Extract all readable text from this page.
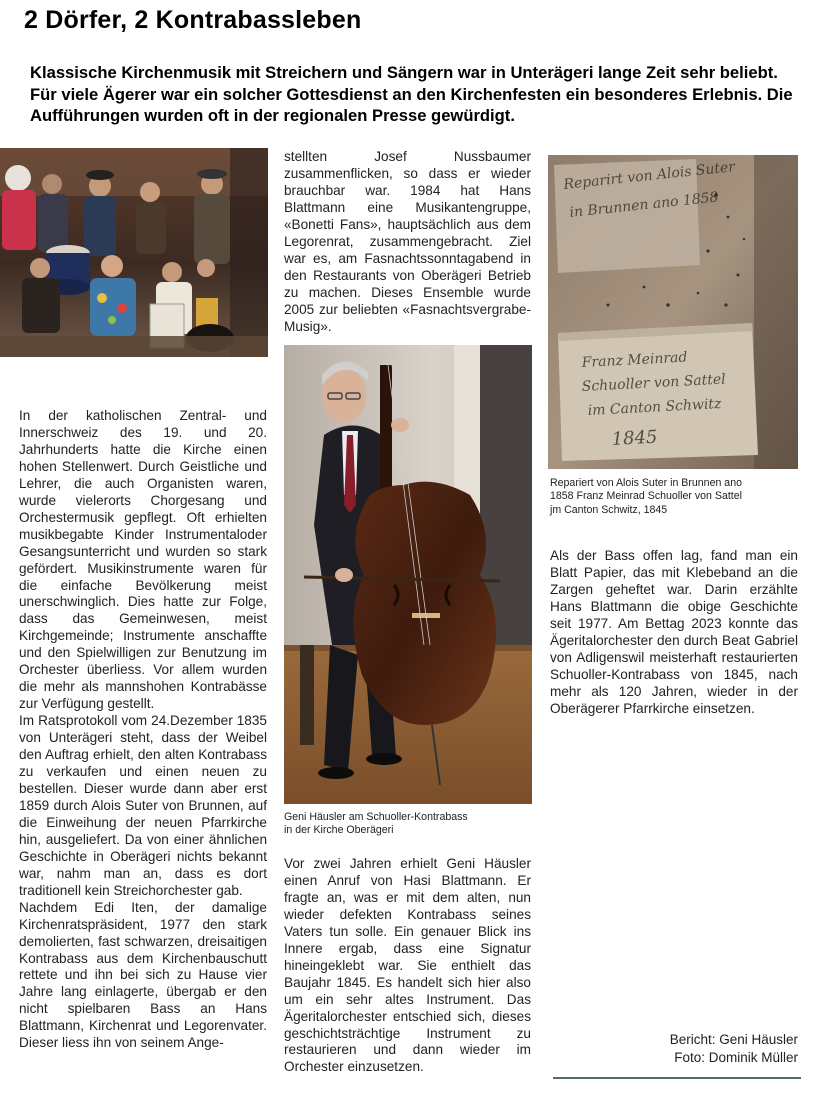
2 Dörfer, 2 Kontrabassleben
Klassische Kirchenmusik mit Streichern und Sängern war in Unterägeri lange Zeit sehr beliebt. Für viele Ägerer war ein solcher Gottesdienst an den Kirchenfesten ein besonderes Erlebnis. Die Aufführungen wurden oft in der regionalen Presse gewürdigt.
Reparirt von Alois Suter
in Brunnen ano 1858
Franz Meinrad
Schuoller von Sattel
im Canton Schwitz
1845

In der katholischen Zentral- und Innerschweiz des 19. und 20. Jahrhunderts hatte die Kirche einen hohen Stellenwert. Durch Geistliche und Lehrer, die auch Organisten waren, wurde vielerorts Chorgesang und Orchestermusik gepflegt. Oft erhielten musikbegabte Kinder Instrumentaloder Gesangsunterricht und wurden so stark gefördert. Musikinstrumente waren für die einfache Bevölkerung meist unerschwinglich. Dies hatte zur Folge, dass das Gemeinwesen, meist Kirchgemeinde; Instrumente anschaffte und den Spielwilligen zur Benutzung im Orchester überliess. Vor allem wurden die mehr als mannshohen Kontrabässe zur Verfügung gestellt.

Im Ratsprotokoll vom 24.Dezember 1835 von Unterägeri steht, dass der Weibel den Auftrag erhielt, den alten Kontrabass zu verkaufen und einen neuen zu bestellen. Dieser wurde dann aber erst 1859 durch Alois Suter von Brunnen, auf die Einweihung der neuen Pfarrkirche hin, ausgeliefert. Da von einer ähnlichen Geschichte in Oberägeri nichts bekannt war, nahm man an, dass es dort traditionell kein Streichorchester gab.

Nachdem Edi Iten, der damalige Kirchenratspräsident, 1977 den stark demolierten, fast schwarzen, dreisaitigen Kontrabass aus dem Kirchenbauschutt rettete und ihn bei sich zu Hause vier Jahre lang einlagerte, übergab er den nicht spielbaren Bass an Hans Blattmann, Kirchenrat und Legorenvater. Dieser liess ihn von seinem Ange-

stellten Josef Nussbaumer zusammenflicken, so dass er wieder brauchbar war. 1984 hat Hans Blattmann eine Musikantengruppe, «Bonetti Fans», hauptsächlich aus dem Legorenrat, zusammengebracht. Ziel war es, am Fasnachtssonntagabend in den Restaurants von Oberägeri Betrieb zu machen. Dieses Ensemble wurde 2005 zur beliebten «Fasnachtsvergrabe-Musig».

Geni Häusler am Schuoller-Kontrabass
in der Kirche Oberägeri

Vor zwei Jahren erhielt Geni Häusler einen Anruf von Hasi Blattmann. Er fragte an, was er mit dem alten, nun wieder defekten Kontrabass seines Vaters tun solle. Ein genauer Blick ins Innere ergab, dass eine Signatur hineingeklebt war. Sie enthielt das Baujahr 1845. Es handelt sich hier also um ein sehr altes Instrument. Das Ägeritalorchester entschied sich, dieses geschichtsträchtige Instrument zu restaurieren und dann wieder im Orchester einzusetzen.

Repariert von Alois Suter in Brunnen ano
1858 Franz Meinrad Schuoller von Sattel
jm Canton Schwitz, 1845

Als der Bass offen lag, fand man ein Blatt Papier, das mit Klebeband an die Zargen geheftet war. Darin erzählte Hans Blattmann die obige Geschichte seit 1977. Am Bettag 2023 konnte das Ägeritalorchester den durch Beat Gabriel von Adligenswil meisterhaft restaurierten Schuoller-Kontrabass von 1845, nach mehr als 120 Jahren, wieder in der Oberägerer Pfarrkirche einsetzen.

Bericht: Geni Häusler
Foto: Dominik Müller
